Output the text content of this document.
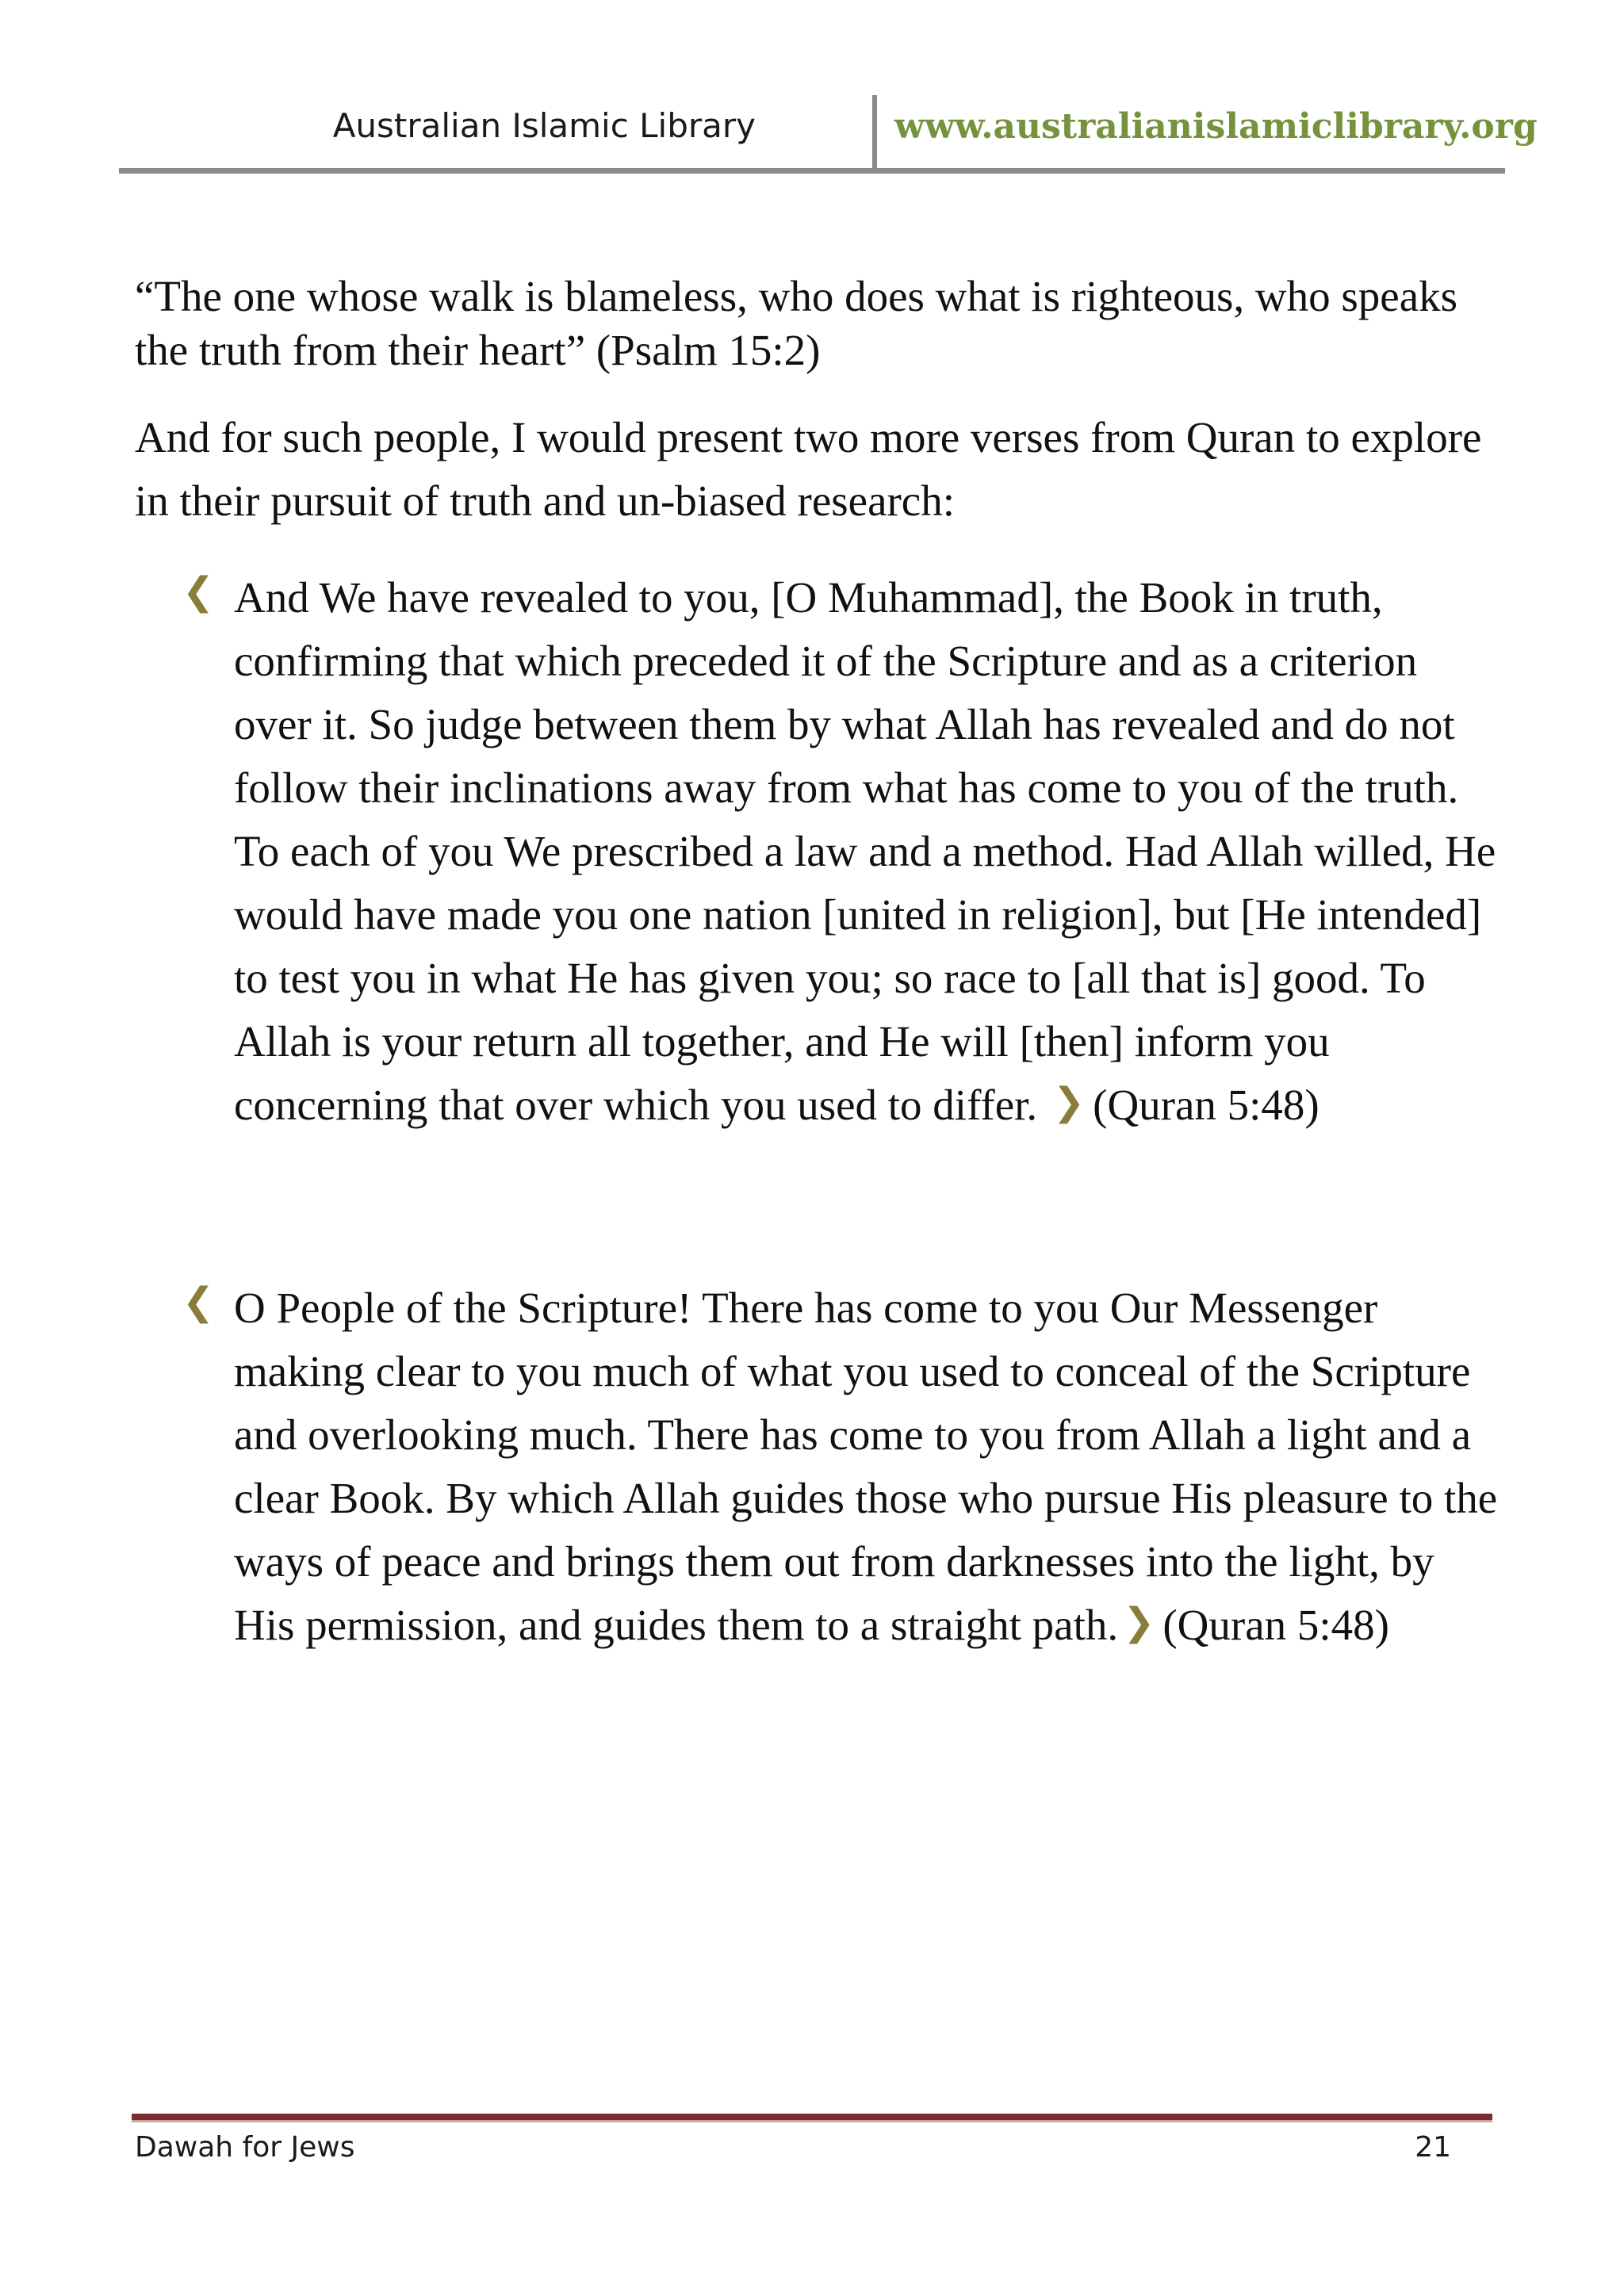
Australian Islamic Library	www.australianislamiclibrary.org

“The one whose walk is blameless, who does what is righteous, who speaks the truth from their heart” (Psalm 15:2)

And for such people, I would present two more verses from Quran to explore in their pursuit of truth and un-biased research:

❮ And We have revealed to you, [O Muhammad], the Book in truth, confirming that which preceded it of the Scripture and as a criterion over it. So judge between them by what Allah has revealed and do not follow their inclinations away from what has come to you of the truth. To each of you We prescribed a law and a method. Had Allah willed, He would have made you one nation [united in religion], but [He intended] to test you in what He has given you; so race to [all that is] good. To Allah is your return all together, and He will [then] inform you concerning that over which you used to differ. ❯ (Quran 5:48)
❮ O People of the Scripture! There has come to you Our Messenger making clear to you much of what you used to conceal of the Scripture and overlooking much. There has come to you from Allah a light and a clear Book. By which Allah guides those who pursue His pleasure to the ways of peace and brings them out from darknesses into the light, by His permission, and guides them to a straight path. ❯ (Quran 5:48)
Dawah for Jews	21
